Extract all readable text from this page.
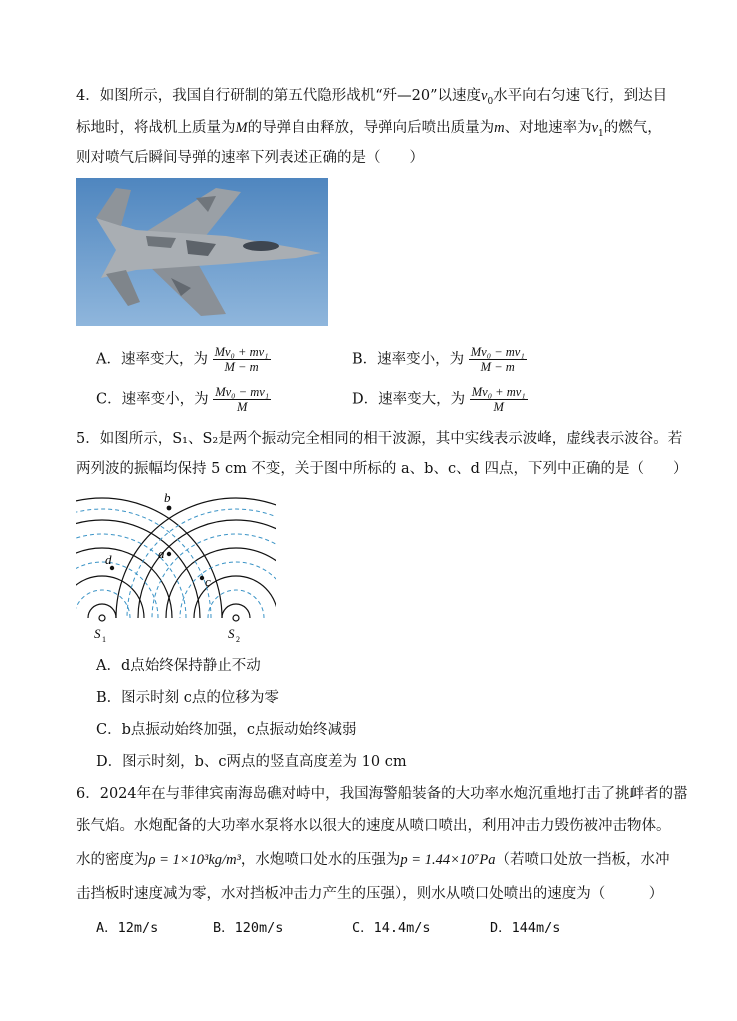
4．如图所示，我国自行研制的第五代隐形战机“歼—20”以速度$v_0$水平向右匀速飞行，到达目
标地时，将战机上质量为M的导弹自由释放，导弹向后喷出质量为m、对地速率为$v_1$的燃气，
则对喷气后瞬间导弹的速率下列表述正确的是（　　）
A．速率变大，为 $\frac{\text{Mv₀ + mv₁}}{M - m}$	B．速率变小，为 $\frac{\text{Mv₀ − mv₁}}{M - m}$
C．速率变小，为 $\frac{\text{Mv₀ − mv₁}}{M}$	D．速率变大，为 $\frac{\text{Mv₀ + mv₁}}{M}$
5．如图所示，S₁、S₂是两个振动完全相同的相干波源，其中实线表示波峰，虚线表示波谷。若
两列波的振幅均保持 5 cm 不变，关于图中所标的 a、b、c、d 四点，下列中正确的是（　　）
b
a
c
d
S 1	S 2
A．d点始终保持静止不动
B．图示时刻 c点的位移为零
C．b点振动始终加强，c点振动始终减弱
D．图示时刻，b、c两点的竖直高度差为 10 cm
6．2024年在与菲律宾南海岛礁对峙中，我国海警船装备的大功率水炮沉重地打击了挑衅者的嚣
张气焰。水炮配备的大功率水泵将水以很大的速度从喷口喷出，利用冲击力毁伤被冲击物体。
水的密度为ρ = 1×10³kg/m³，水炮喷口处水的压强为p = 1.44×10⁷Pa（若喷口处放一挡板，水冲
击挡板时速度减为零，水对挡板冲击力产生的压强），则水从喷口处喷出的速度为（　　　）
A．12m/s	B．120m/s	C．14.4m/s	D．144m/s
